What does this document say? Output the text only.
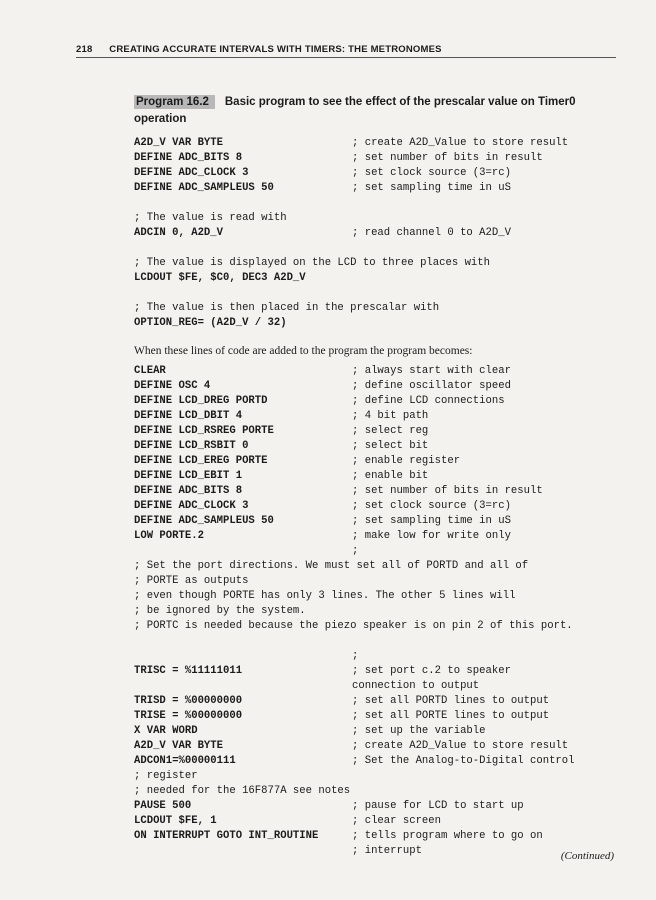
218 CREATING ACCURATE INTERVALS WITH TIMERS: THE METRONOMES
Program 16.2 Basic program to see the effect of the prescalar value on Timer0 operation
A2D_V VAR BYTE	; create A2D_Value to store result
DEFINE ADC_BITS 8	; set number of bits in result
DEFINE ADC_CLOCK 3	; set clock source (3=rc)
DEFINE ADC_SAMPLEUS 50	; set sampling time in uS
; The value is read with
ADCIN 0, A2D_V	; read channel 0 to A2D_V
; The value is displayed on the LCD to three places with
LCDOUT $FE, $C0, DEC3 A2D_V
; The value is then placed in the prescalar with
OPTION_REG= (A2D_V / 32)
When these lines of code are added to the program the program becomes:
CLEAR	; always start with clear
DEFINE OSC 4	; define oscillator speed
DEFINE LCD_DREG PORTD	; define LCD connections
DEFINE LCD_DBIT 4	; 4 bit path
DEFINE LCD_RSREG PORTE	; select reg
DEFINE LCD_RSBIT 0	; select bit
DEFINE LCD_EREG PORTE	; enable register
DEFINE LCD_EBIT 1	; enable bit
DEFINE ADC_BITS 8	; set number of bits in result
DEFINE ADC_CLOCK 3	; set clock source (3=rc)
DEFINE ADC_SAMPLEUS 50	; set sampling time in uS
LOW PORTE.2	; make low for write only
;
; Set the port directions. We must set all of PORTD and all of
; PORTE as outputs
; even though PORTE has only 3 lines. The other 5 lines will
; be ignored by the system.
; PORTC is needed because the piezo speaker is on pin 2 of this port.
;
TRISC = %11111011	; set port c.2 to speaker
connection to output
TRISD = %00000000	; set all PORTD lines to output
TRISE = %00000000	; set all PORTE lines to output
X VAR WORD	; set up the variable
A2D_V VAR BYTE	; create A2D_Value to store result
ADCON1=%00000111	; Set the Analog-to-Digital control
; register
; needed for the 16F877A see notes
PAUSE 500	; pause for LCD to start up
LCDOUT $FE, 1	; clear screen
ON INTERRUPT GOTO INT_ROUTINE	; tells program where to go on
; interrupt	(Continued)
